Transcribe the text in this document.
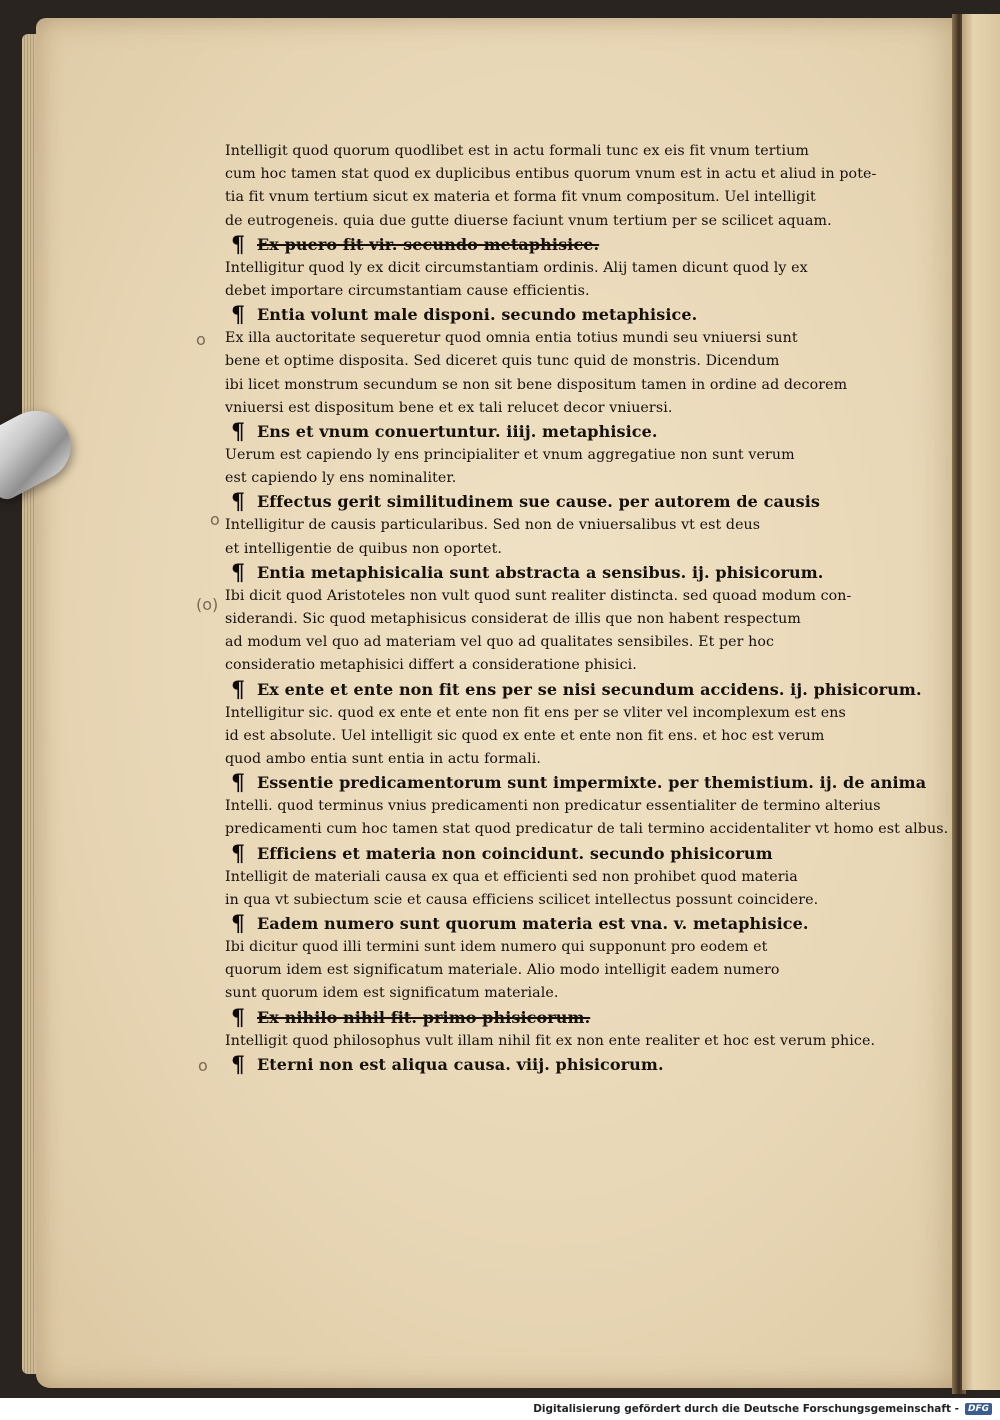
o
o
(o)
o
Intelligit quod quorum quodlibet est in actu formali tunc ex eis fit vnum tertium
cum hoc tamen stat quod ex duplicibus entibus quorum vnum est in actu et aliud in pote-
tia fit vnum tertium sicut ex materia et forma fit vnum compositum. Uel intelligit
de eutrogeneis. quia due gutte diuerse faciunt vnum tertium per se scilicet aquam.
¶ Ex puero fit vir. secundo metaphisice.
Intelligitur quod ly ex dicit circumstantiam ordinis. Alij tamen dicunt quod ly ex
debet importare circumstantiam cause efficientis.
¶ Entia volunt male disponi. secundo metaphisice.
Ex illa auctoritate sequeretur quod omnia entia totius mundi seu vniuersi sunt
bene et optime disposita. Sed diceret quis tunc quid de monstris. Dicendum
ibi licet monstrum secundum se non sit bene dispositum tamen in ordine ad decorem
vniuersi est dispositum bene et ex tali relucet decor vniuersi.
¶ Ens et vnum conuertuntur. iiij. metaphisice.
Uerum est capiendo ly ens principialiter et vnum aggregatiue non sunt verum
est capiendo ly ens nominaliter.
¶ Effectus gerit similitudinem sue cause. per autorem de causis
Intelligitur de causis particularibus. Sed non de vniuersalibus vt est deus
et intelligentie de quibus non oportet.
¶ Entia metaphisicalia sunt abstracta a sensibus. ij. phisicorum.
Ibi dicit quod Aristoteles non vult quod sunt realiter distincta. sed quoad modum con-
siderandi. Sic quod metaphisicus considerat de illis que non habent respectum
ad modum vel quo ad materiam vel quo ad qualitates sensibiles. Et per hoc
consideratio metaphisici differt a consideratione phisici.
¶ Ex ente et ente non fit ens per se nisi secundum accidens. ij. phisicorum.
Intelligitur sic. quod ex ente et ente non fit ens per se vliter vel incomplexum est ens
id est absolute. Uel intelligit sic quod ex ente et ente non fit ens. et hoc est verum
quod ambo entia sunt entia in actu formali.
¶ Essentie predicamentorum sunt impermixte. per themistium. ij. de anima
Intelli. quod terminus vnius predicamenti non predicatur essentialiter de termino alterius
predicamenti cum hoc tamen stat quod predicatur de tali termino accidentaliter vt homo est albus.
¶ Efficiens et materia non coincidunt. secundo phisicorum
Intelligit de materiali causa ex qua et efficienti sed non prohibet quod materia
in qua vt subiectum scie et causa efficiens scilicet intellectus possunt coincidere.
¶ Eadem numero sunt quorum materia est vna. v. metaphisice.
Ibi dicitur quod illi termini sunt idem numero qui supponunt pro eodem et
quorum idem est significatum materiale. Alio modo intelligit eadem numero
sunt quorum idem est significatum materiale.
¶ Ex nihilo nihil fit. primo phisicorum.
Intelligit quod philosophus vult illam nihil fit ex non ente realiter et hoc est verum phice.
¶ Eterni non est aliqua causa. viij. phisicorum.
Digitalisierung gefördert durch die Deutsche Forschungsgemeinschaft -	DFG
